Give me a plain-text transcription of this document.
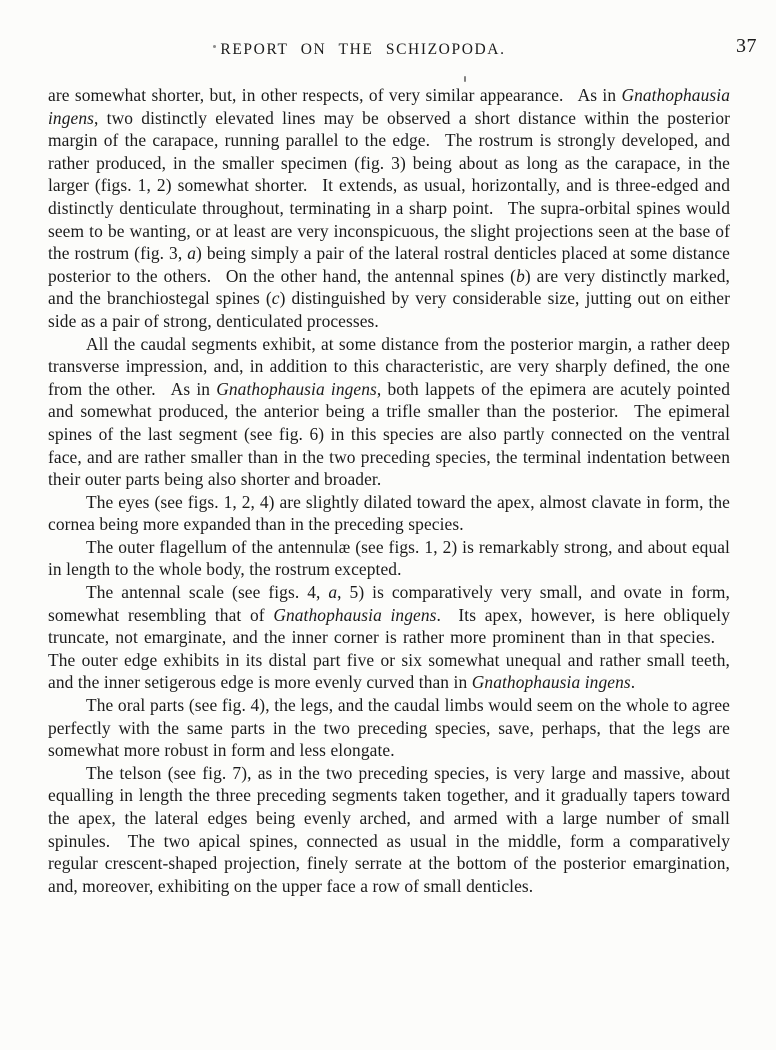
REPORT ON THE SCHIZOPODA.	37

are somewhat shorter, but, in other respects, of very similar appearance.  As in Gnathophausia ingens, two distinctly elevated lines may be observed a short distance within the posterior margin of the carapace, running parallel to the edge.  The rostrum is strongly developed, and rather produced, in the smaller specimen (fig. 3) being about as long as the carapace, in the larger (figs. 1, 2) somewhat shorter.  It extends, as usual, horizontally, and is three-edged and distinctly denticulate throughout, terminating in a sharp point.  The supra-orbital spines would seem to be wanting, or at least are very inconspicuous, the slight projections seen at the base of the rostrum (fig. 3, a) being simply a pair of the lateral rostral denticles placed at some distance posterior to the others.  On the other hand, the antennal spines (b) are very distinctly marked, and the branchiostegal spines (c) distinguished by very considerable size, jutting out on either side as a pair of strong, denticulated processes.

All the caudal segments exhibit, at some distance from the posterior margin, a rather deep transverse impression, and, in addition to this characteristic, are very sharply defined, the one from the other.  As in Gnathophausia ingens, both lappets of the epimera are acutely pointed and somewhat produced, the anterior being a trifle smaller than the posterior.  The epimeral spines of the last segment (see fig. 6) in this species are also partly connected on the ventral face, and are rather smaller than in the two preceding species, the terminal indentation between their outer parts being also shorter and broader.

The eyes (see figs. 1, 2, 4) are slightly dilated toward the apex, almost clavate in form, the cornea being more expanded than in the preceding species.

The outer flagellum of the antennulæ (see figs. 1, 2) is remarkably strong, and about equal in length to the whole body, the rostrum excepted.

The antennal scale (see figs. 4, a, 5) is comparatively very small, and ovate in form, somewhat resembling that of Gnathophausia ingens.  Its apex, however, is here obliquely truncate, not emarginate, and the inner corner is rather more prominent than in that species.  The outer edge exhibits in its distal part five or six somewhat unequal and rather small teeth, and the inner setigerous edge is more evenly curved than in Gnathophausia ingens.

The oral parts (see fig. 4), the legs, and the caudal limbs would seem on the whole to agree perfectly with the same parts in the two preceding species, save, perhaps, that the legs are somewhat more robust in form and less elongate.

The telson (see fig. 7), as in the two preceding species, is very large and massive, about equalling in length the three preceding segments taken together, and it gradually tapers toward the apex, the lateral edges being evenly arched, and armed with a large number of small spinules.  The two apical spines, connected as usual in the middle, form a comparatively regular crescent-shaped projection, finely serrate at the bottom of the posterior emargination, and, moreover, exhibiting on the upper face a row of small denticles.
